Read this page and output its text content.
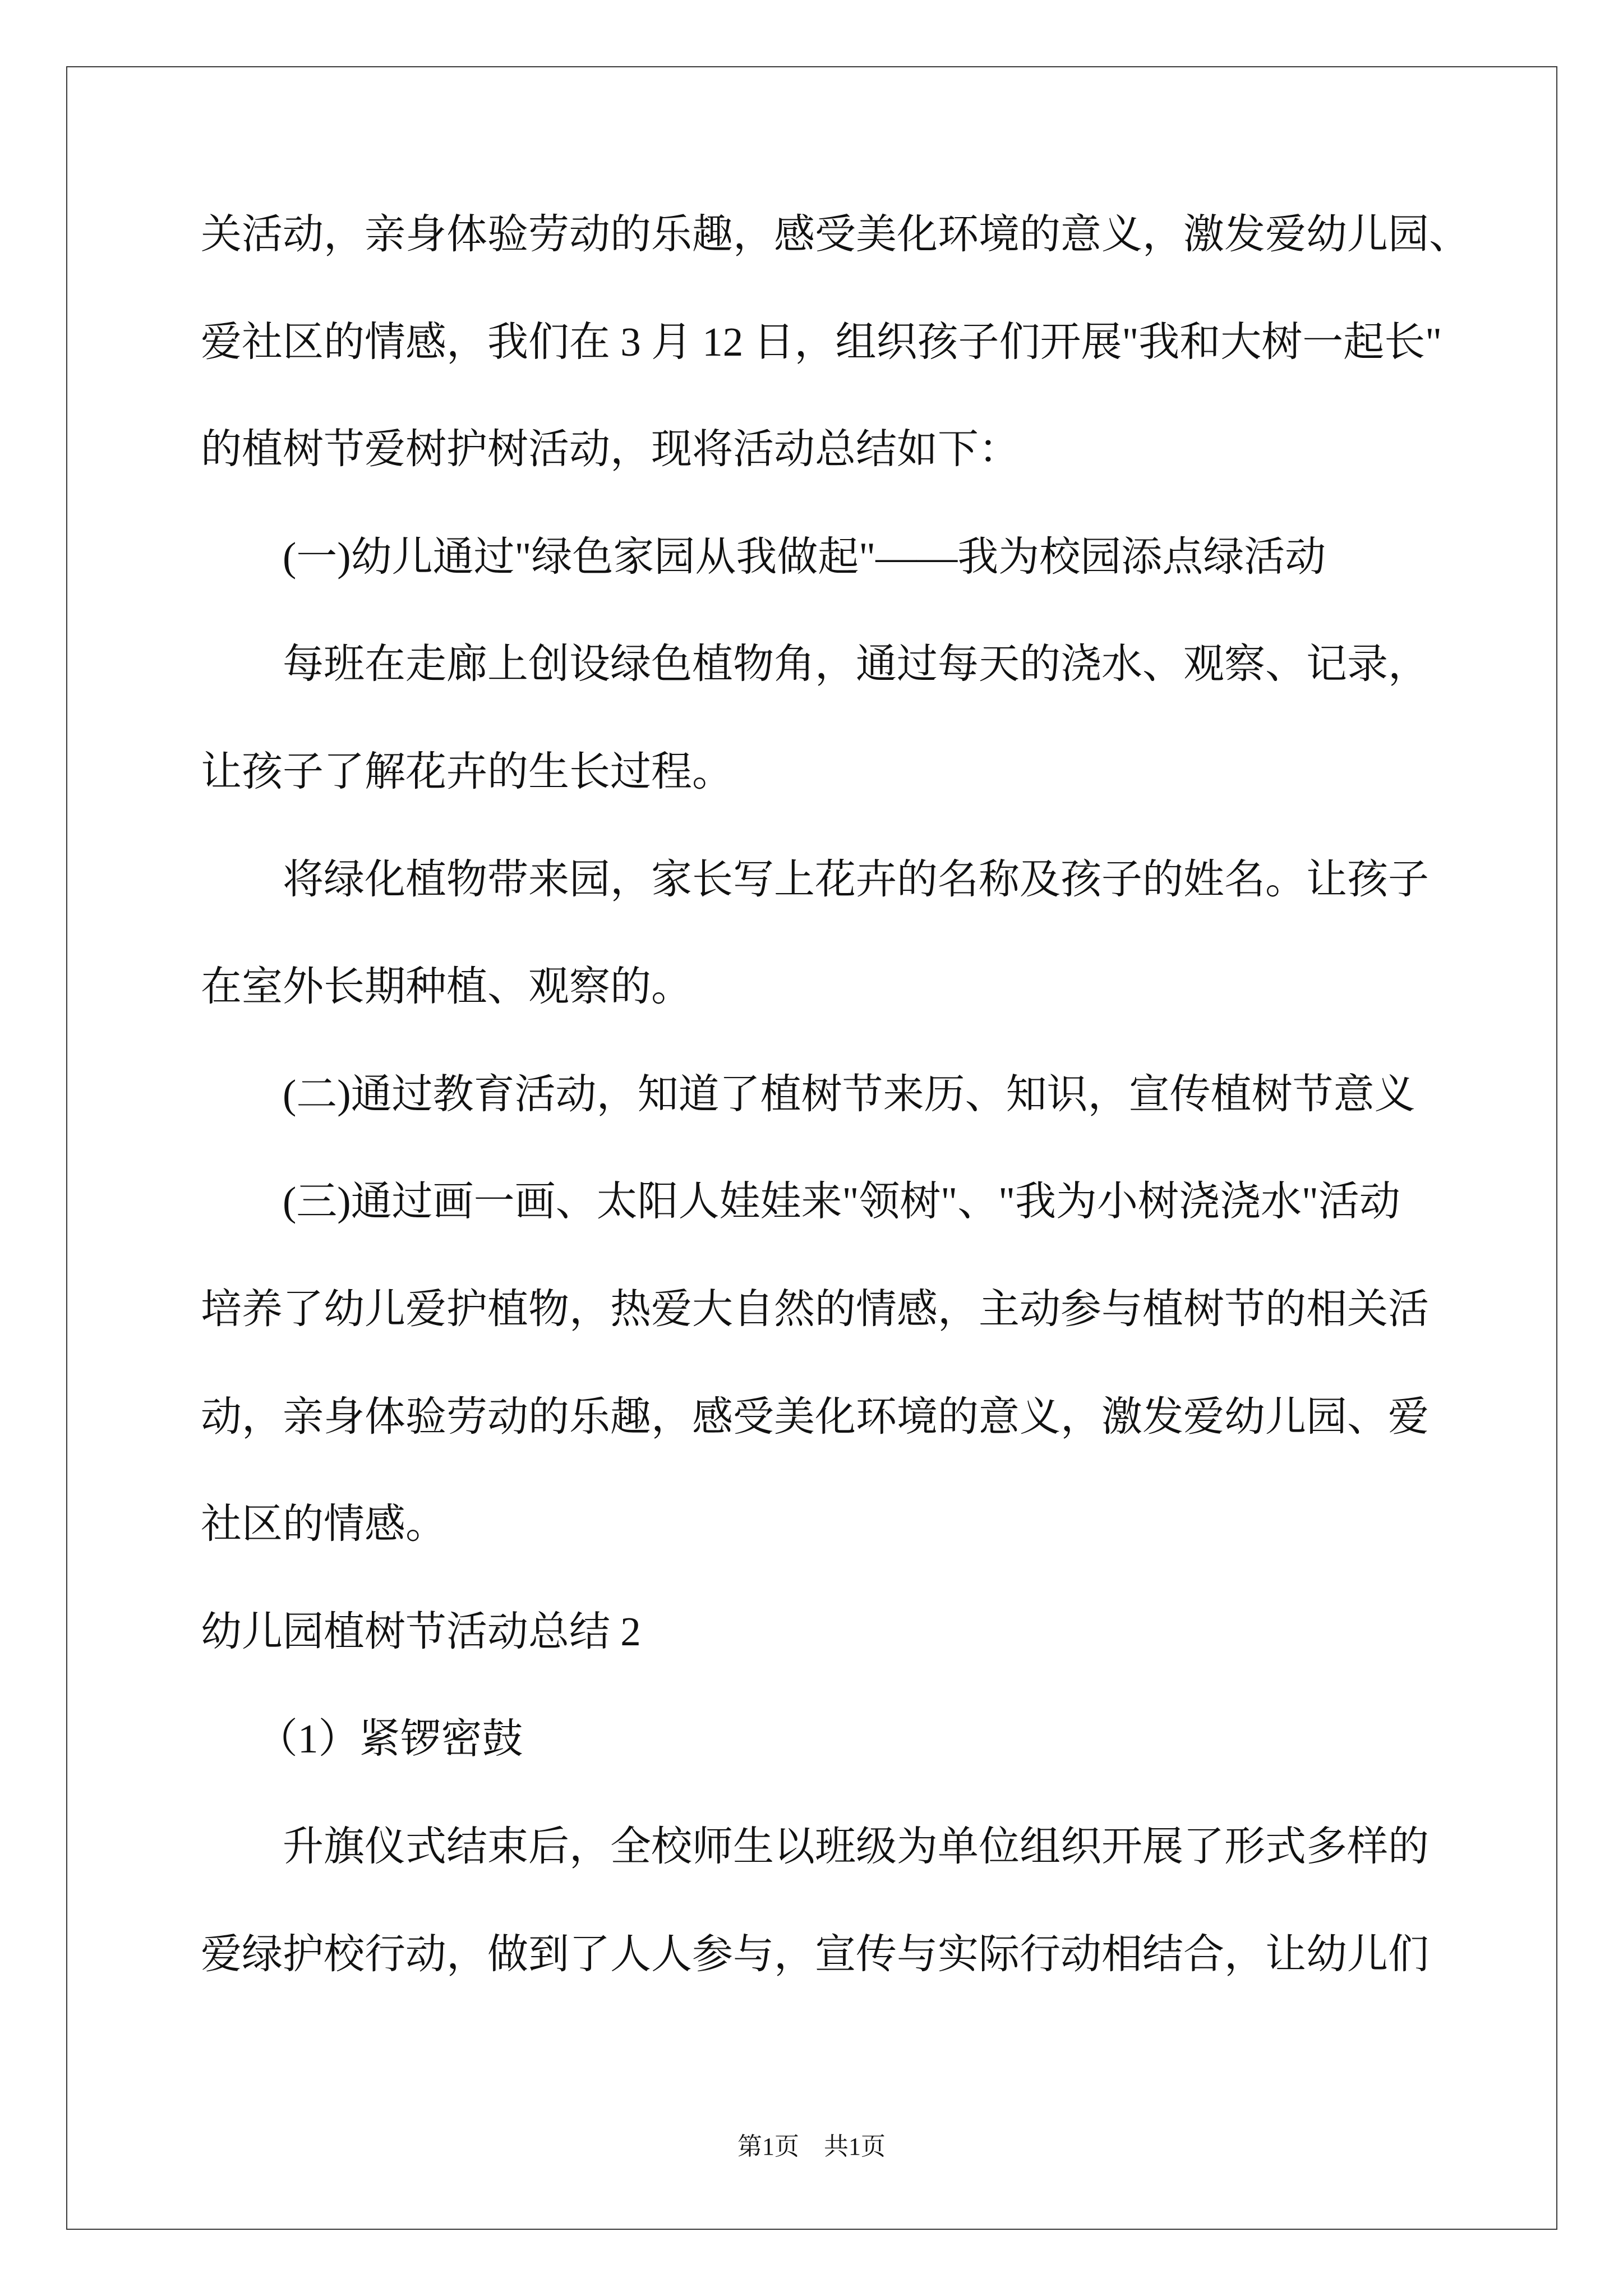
关活动，亲身体验劳动的乐趣，感受美化环境的意义，激发爱幼儿园、
爱社区的情感，我们在 3 月 12 日，组织孩子们开展"我和大树一起长"
的植树节爱树护树活动，现将活动总结如下：
(一)幼儿通过"绿色家园从我做起"——我为校园添点绿活动
每班在走廊上创设绿色植物角，通过每天的浇水、观察、记录，
让孩子了解花卉的生长过程。
将绿化植物带来园，家长写上花卉的名称及孩子的姓名。让孩子
在室外长期种植、观察的。
(二)通过教育活动，知道了植树节来历、知识，宣传植树节意义
(三)通过画一画、太阳人娃娃来"领树"、"我为小树浇浇水"活动
培养了幼儿爱护植物，热爱大自然的情感，主动参与植树节的相关活
动，亲身体验劳动的乐趣，感受美化环境的意义，激发爱幼儿园、爱
社区的情感。
幼儿园植树节活动总结 2
（1）紧锣密鼓
升旗仪式结束后，全校师生以班级为单位组织开展了形式多样的
爱绿护校行动，做到了人人参与，宣传与实际行动相结合，让幼儿们
第1页　共1页
